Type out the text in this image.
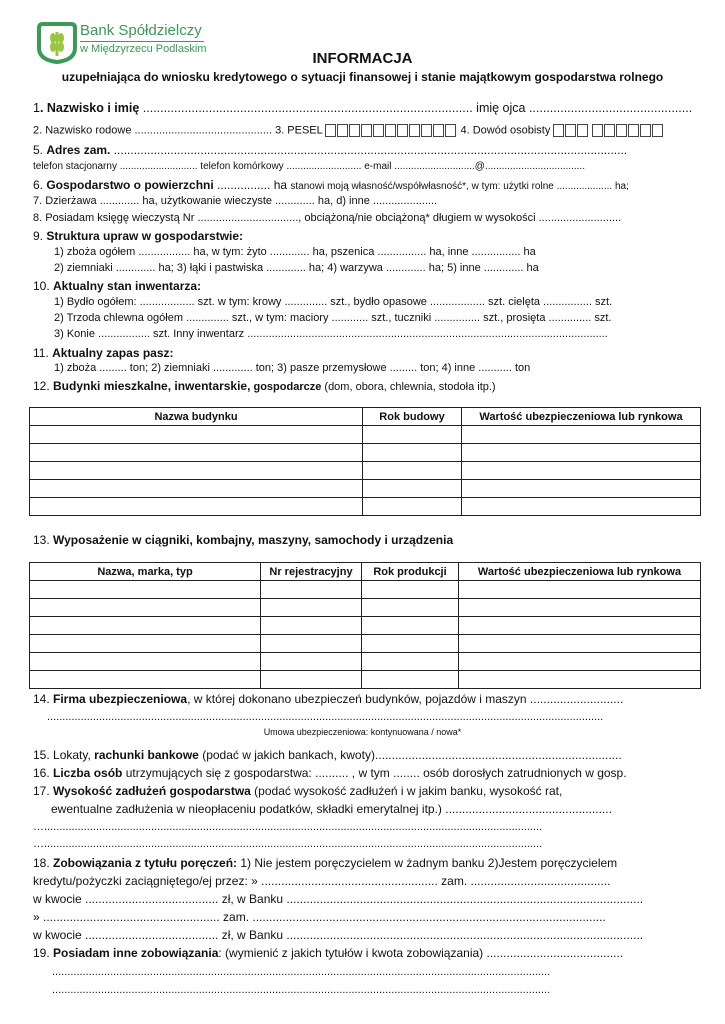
Bank Spółdzielczy
w Międzyrzecu Podlaskim
INFORMACJA
uzupełniająca do wniosku kredytowego o sytuacji finansowej i stanie majątkowym gospodarstwa rolnego
1. Nazwisko i imię ............................................................................................... imię ojca ...............................................
2. Nazwisko rodowe ............................................. 3. PESEL	4. Dowód osobisty
5. Adres zam. ..........................................................................................................................................................
telefon stacjonarny ............................ telefon komórkowy ........................... e-mail .............................@....................................
6. Gospodarstwo o powierzchni ................ ha stanowi moją własność/współwłasność*, w tym: użytki rolne .................... ha;
7. Dzierżawa ............. ha, użytkowanie wieczyste ............. ha, d) inne .....................
8. Posiadam księgę wieczystą Nr ................................., obciążoną/nie obciążoną* długiem w wysokości ...........................
9. Struktura upraw w gospodarstwie:
1) zboża ogółem ................. ha, w tym: żyto ............. ha, pszenica ................ ha, inne ................ ha
2) ziemniaki ............. ha; 3) łąki i pastwiska ............. ha; 4) warzywa ............. ha; 5) inne ............. ha
10. Aktualny stan inwentarza:
1) Bydło ogółem: .................. szt. w tym: krowy .............. szt., bydło opasowe .................. szt. cielęta ................ szt.
2) Trzoda chlewna ogółem .............. szt., w tym: maciory ............ szt., tuczniki ............... szt., prosięta .............. szt.
3) Konie ................. szt. Inny inwentarz ......................................................................................................................
11. Aktualny zapas pasz:
1) zboża ......... ton; 2) ziemniaki ............. ton; 3) pasze przemysłowe ......... ton; 4) inne ........... ton
12. Budynki mieszkalne, inwentarskie, gospodarcze (dom, obora, chlewnia, stodoła itp.)
Nazwa budynku	Rok budowy	Wartość ubezpieczeniowa lub rynkowa

13. Wyposażenie w ciągniki, kombajny, maszyny, samochody i urządzenia
Nazwa, marka, typ	Nr rejestracyjny	Rok produkcji	Wartość ubezpieczeniowa lub rynkowa

14. Firma ubezpieczeniowa, w której dokonano ubezpieczeń budynków, pojazdów i maszyn ............................
......................................................................................................................................................................................
Umowa ubezpieczeniowa: kontynuowana / nowa*
15. Lokaty, rachunki bankowe (podać w jakich bankach, kwoty)..........................................................................
16. Liczba osób utrzymujących się z gospodarstwa: .......... , w tym ........ osób dorosłych zatrudnionych w gosp.
17. Wysokość zadłużeń gospodarstwa (podać wysokość zadłużeń i w jakim banku, wysokość rat,
ewentualne zadłużenia w nieopłaceniu podatków, składki emerytalnej itp.) ..................................................
…...................................................................................................................................................................
…...................................................................................................................................................................
18. Zobowiązania z tytułu poręczeń: 1) Nie jestem poręczycielem w żadnym banku 2)Jestem poręczycielem
kredytu/pożyczki zaciągniętego/ej przez: » ..................................................... zam. ..........................................
w kwocie ........................................ zł, w Banku ...........................................................................................................
» ..................................................... zam. ..........................................................................................................
w kwocie ........................................ zł, w Banku ...........................................................................................................
19. Posiadam inne zobowiązania: (wymienić z jakich tytułów i kwota zobowiązania) .........................................
...................................................................................................................................................................
...................................................................................................................................................................
